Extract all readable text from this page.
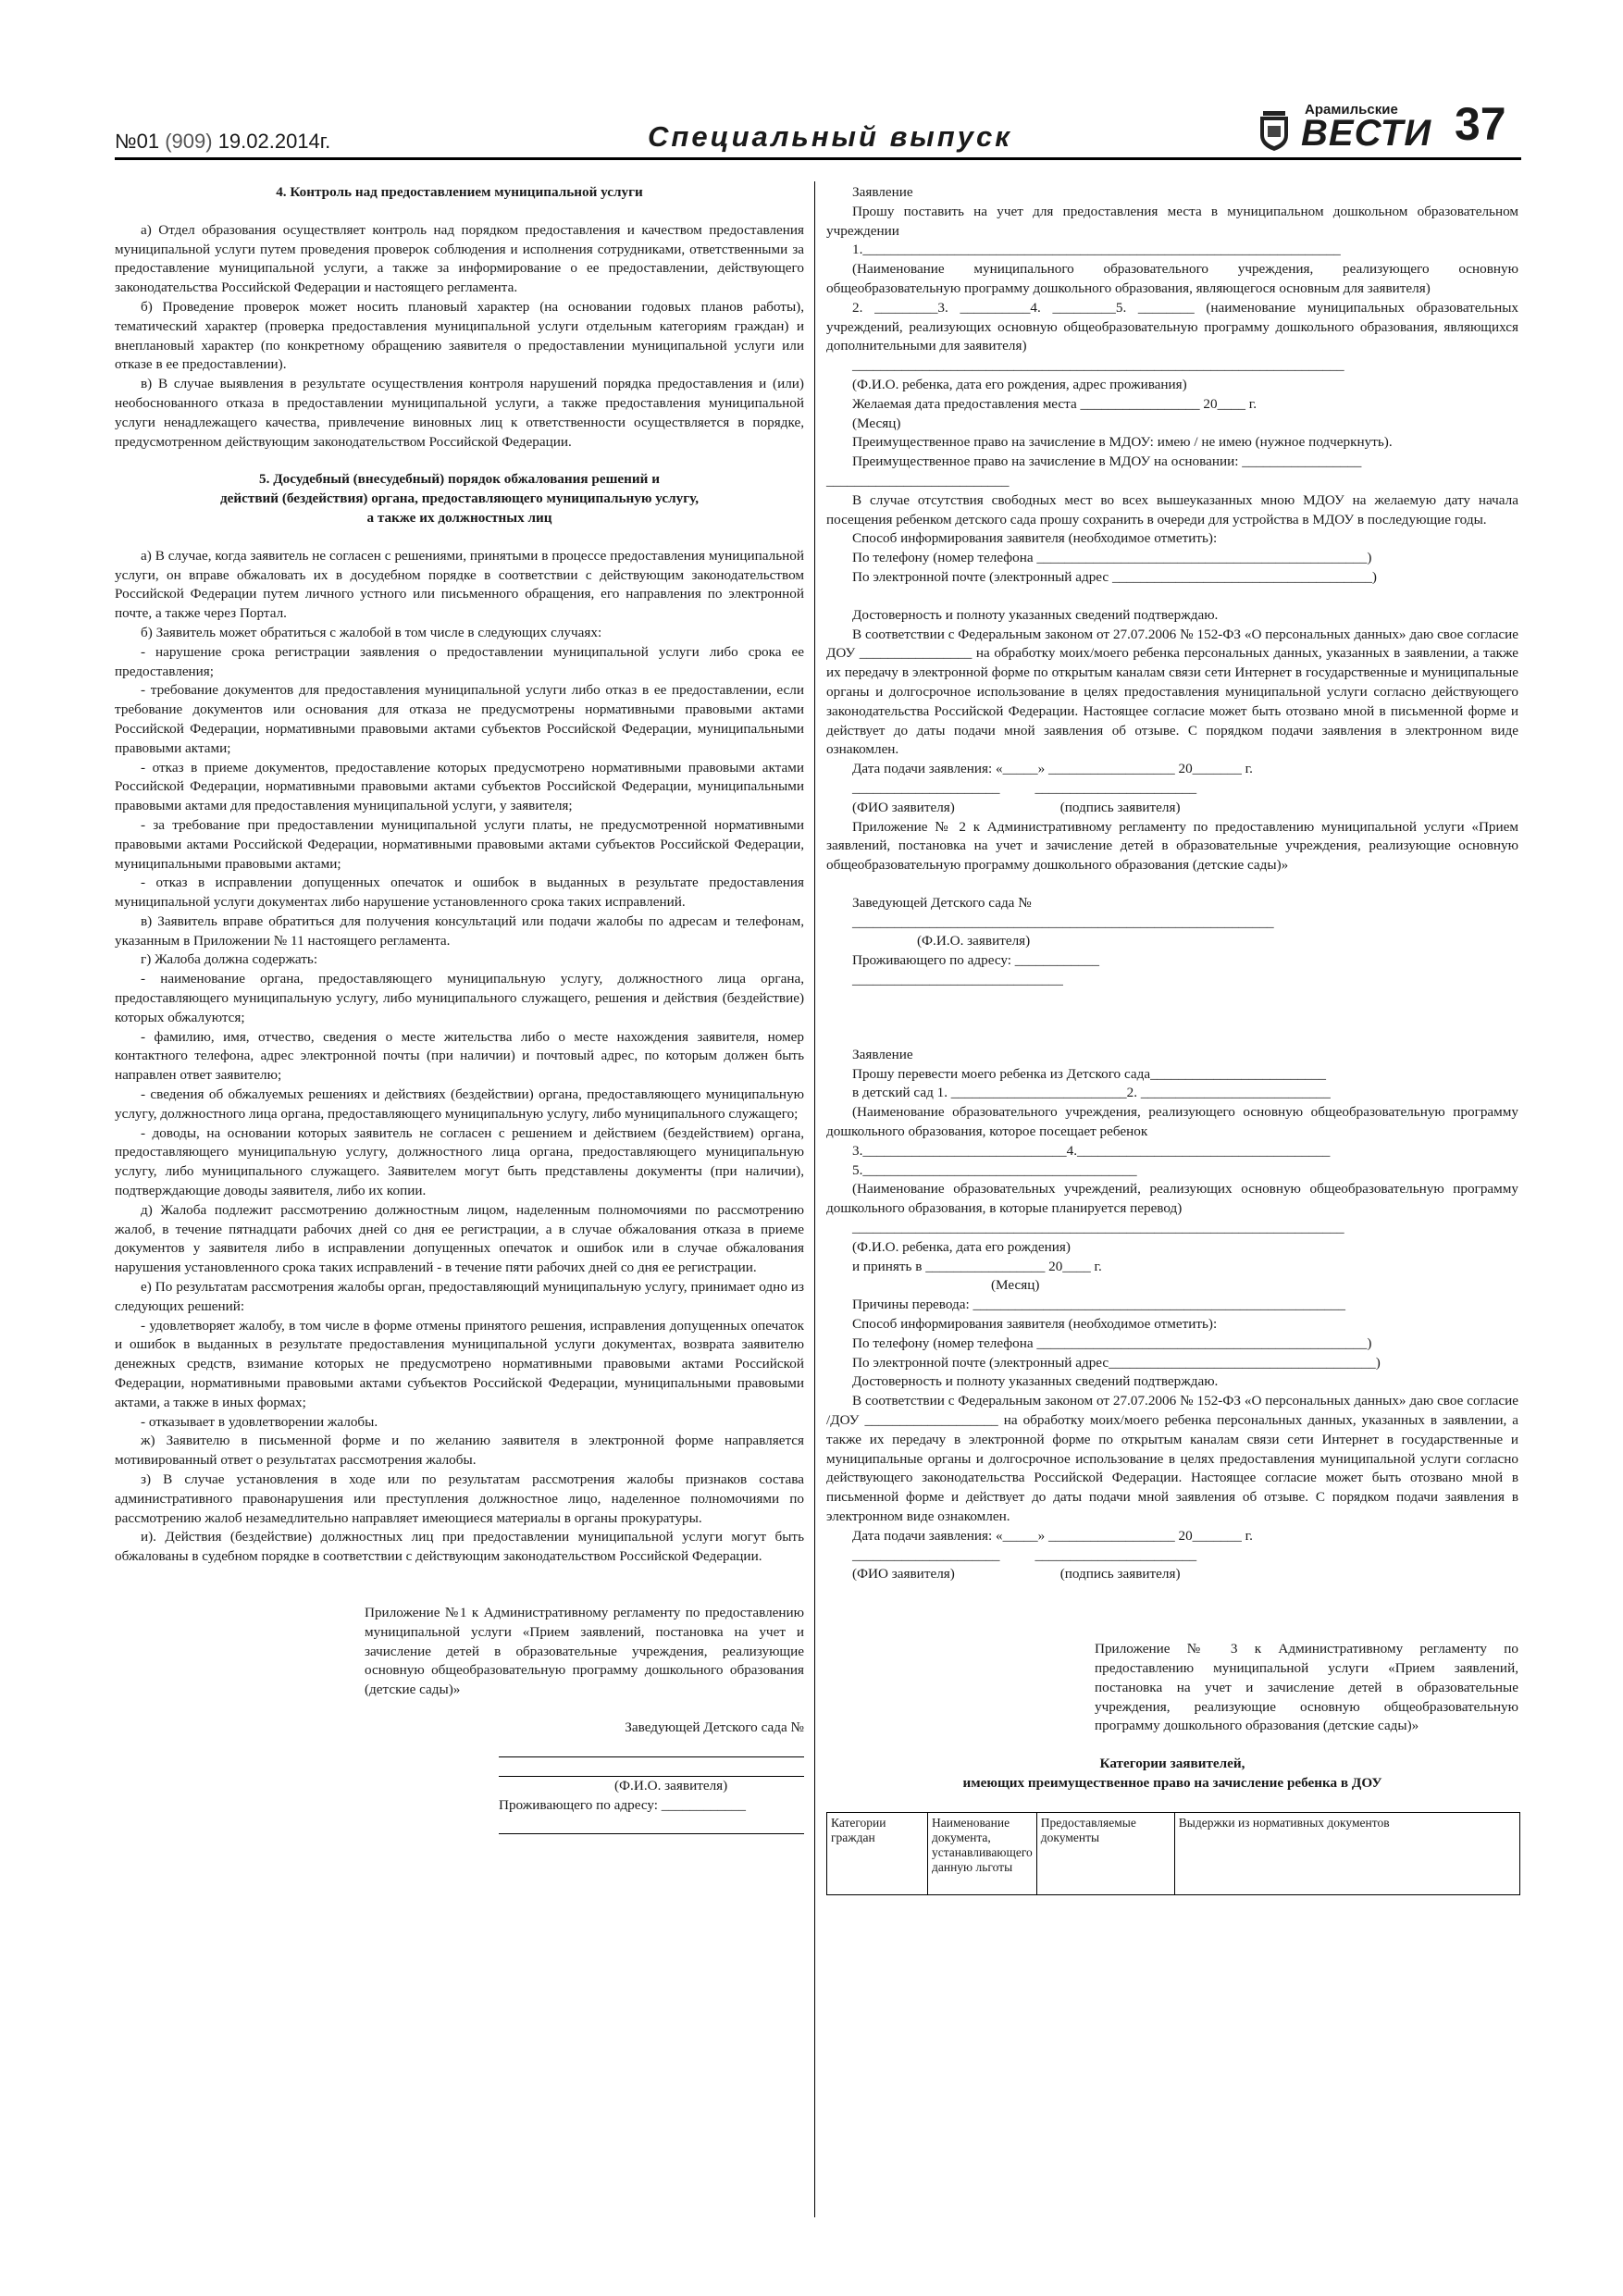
№01 (909) 19.02.2014г.	Специальный выпуск
Арамильские
ВЕСТИ 37

4. Контроль над предоставлением муниципальной услуги

а) Отдел образования осуществляет контроль над порядком предоставления и качеством предоставления муниципальной услуги путем проведения проверок соблюдения и исполнения сотрудниками, ответственными за предоставление муниципальной услуги, а также за информирование о ее предоставлении, действующего законодательства Российской Федерации и настоящего регламента.

б) Проведение проверок может носить плановый характер (на основании годовых планов работы), тематический характер (проверка предоставления муниципальной услуги отдельным категориям граждан) и внеплановый характер (по конкретному обращению заявителя о предоставлении муниципальной услуги или отказе в ее предоставлении).

в) В случае выявления в результате осуществления контроля нарушений порядка предоставления и (или) необоснованного отказа в предоставлении муниципальной услуги, а также предоставления муниципальной услуги ненадлежащего качества, привлечение виновных лиц к ответственности осуществляется в порядке, предусмотренном действующим законодательством Российской Федерации.

5. Досудебный (внесудебный) порядок обжалования решений и

действий (бездействия) органа, предоставляющего муниципальную услугу,

а также их должностных лиц

а) В случае, когда заявитель не согласен с решениями, принятыми в процессе предоставления муниципальной услуги, он вправе обжаловать их в досудебном порядке в соответствии с действующим законодательством Российской Федерации путем личного устного или письменного обращения, его направления по электронной почте, а также через Портал.

б) Заявитель может обратиться с жалобой в том числе в следующих случаях:

- нарушение срока регистрации заявления о предоставлении муниципальной услуги либо срока ее предоставления;

- требование документов для предоставления муниципальной услуги либо отказ в ее предоставлении, если требование документов или основания для отказа не предусмотрены нормативными правовыми актами Российской Федерации, нормативными правовыми актами субъектов Российской Федерации, муниципальными правовыми актами;

- отказ в приеме документов, предоставление которых предусмотрено нормативными правовыми актами Российской Федерации, нормативными правовыми актами субъектов Российской Федерации, муниципальными правовыми актами для предоставления муниципальной услуги, у заявителя;

- за требование при предоставлении муниципальной услуги платы, не предусмотренной нормативными правовыми актами Российской Федерации, нормативными правовыми актами субъектов Российской Федерации, муниципальными правовыми актами;

- отказ в исправлении допущенных опечаток и ошибок в выданных в результате предоставления муниципальной услуги документах либо нарушение установленного срока таких исправлений.

в) Заявитель вправе обратиться для получения консультаций или подачи жалобы по адресам и телефонам, указанным в Приложении № 11 настоящего регламента.

г) Жалоба должна содержать:

- наименование органа, предоставляющего муниципальную услугу, должностного лица органа, предоставляющего муниципальную услугу, либо муниципального служащего, решения и действия (бездействие) которых обжалуются;

- фамилию, имя, отчество, сведения о месте жительства либо о месте нахождения заявителя, номер контактного телефона, адрес электронной почты (при наличии) и почтовый адрес, по которым должен быть направлен ответ заявителю;

- сведения об обжалуемых решениях и действиях (бездействии) органа, предоставляющего муниципальную услугу, должностного лица органа, предоставляющего муниципальную услугу, либо муниципального служащего;

- доводы, на основании которых заявитель не согласен с решением и действием (бездействием) органа, предоставляющего муниципальную услугу, должностного лица органа, предоставляющего муниципальную услугу, либо муниципального служащего. Заявителем могут быть представлены документы (при наличии), подтверждающие доводы заявителя, либо их копии.

д) Жалоба подлежит рассмотрению должностным лицом, наделенным полномочиями по рассмотрению жалоб, в течение пятнадцати рабочих дней со дня ее регистрации, а в случае обжалования отказа в приеме документов у заявителя либо в исправлении допущенных опечаток и ошибок или в случае обжалования нарушения установленного срока таких исправлений - в течение пяти рабочих дней со дня ее регистрации.

е) По результатам рассмотрения жалобы орган, предоставляющий муниципальную услугу, принимает одно из следующих решений:

- удовлетворяет жалобу, в том числе в форме отмены принятого решения, исправления допущенных опечаток и ошибок в выданных в результате предоставления муниципальной услуги документах, возврата заявителю денежных средств, взимание которых не предусмотрено нормативными правовыми актами Российской Федерации, нормативными правовыми актами субъектов Российской Федерации, муниципальными правовыми актами, а также в иных формах;

- отказывает в удовлетворении жалобы.

ж) Заявителю в письменной форме и по желанию заявителя в электронной форме направляется мотивированный ответ о результатах рассмотрения жалобы.

з) В случае установления в ходе или по результатам рассмотрения жалобы признаков состава административного правонарушения или преступления должностное лицо, наделенное полномочиями по рассмотрению жалоб незамедлительно направляет имеющиеся материалы в органы прокуратуры.

и). Действия (бездействие) должностных лиц при предоставлении муниципальной услуги могут быть обжалованы в судебном порядке в соответствии с действующим законодательством Российской Федерации.

Приложение №1 к Административному регламенту по предоставлению муниципальной услуги «Прием заявлений, постановка на учет и зачисление детей в образовательные учреждения, реализующие основную общеобразовательную программу дошкольного образования (детские сады)»

Заведующей Детского сада №

(Ф.И.О. заявителя)

Проживающего по адресу: ____________

Заявление

Прошу поставить на учет для предоставления места в муниципальном дошкольном образовательном учреждении

1.____________________________________________________________________

(Наименование муниципального образовательного учреждения, реализующего основную общеобразовательную программу дошкольного образования, являющегося основным для заявителя)

2. _________3. __________4. _________5. ________ (наименование муниципальных образовательных учреждений, реализующих основную общеобразовательную программу дошкольного образования, являющихся дополнительными для заявителя)

______________________________________________________________________

(Ф.И.О. ребенка, дата его рождения, адрес проживания)

Желаемая дата предоставления места _________________ 20____ г.

(Месяц)

Преимущественное право на зачисление в МДОУ: имею / не имею (нужное подчеркнуть).

Преимущественное право на зачисление в МДОУ на основании: _________________

__________________________

В случае отсутствия свободных мест во всех вышеуказанных мною МДОУ на желаемую дату начала посещения ребенком детского сада прошу сохранить в очереди для устройства в МДОУ в последующие годы.

Способ информирования заявителя (необходимое отметить):

По телефону (номер телефона _______________________________________________)

По электронной почте (электронный адрес _____________________________________)

Достоверность и полноту указанных сведений подтверждаю.

В соответствии с Федеральным законом от 27.07.2006 № 152-ФЗ «О персональных данных» даю свое согласие ДОУ ________________ на обработку моих/моего ребенка персональных данных, указанных в заявлении, а также их передачу в электронной форме по открытым каналам связи сети Интернет в государственные и муниципальные органы и долгосрочное использование в целях предоставления муниципальной услуги согласно действующего законодательства Российской Федерации. Настоящее согласие может быть отозвано мной в письменной форме и действует до даты подачи мной заявления об отзыве. С порядком подачи заявления в электронном виде ознакомлен.

Дата подачи заявления: «_____» __________________ 20_______ г.

_____________________          _______________________

(ФИО заявителя)                              (подпись заявителя)

Приложение № 2 к Административному регламенту по предоставлению муниципальной услуги «Прием заявлений, постановка на учет и зачисление детей в образовательные учреждения, реализующие основную общеобразовательную программу дошкольного образования (детские сады)»

Заведующей Детского сада №

____________________________________________________________

(Ф.И.О. заявителя)

Проживающего по адресу: ____________

______________________________

Заявление

Прошу перевести моего ребенка из Детского сада_________________________

в детский сад 1. _________________________2. ___________________________

(Наименование образовательного учреждения, реализующего основную общеобразовательную программу дошкольного образования, которое посещает ребенок

3._____________________________4.____________________________________

5._______________________________________

(Наименование образовательных учреждений, реализующих основную общеобразовательную программу дошкольного образования, в которые планируется перевод)

______________________________________________________________________

(Ф.И.О. ребенка, дата его рождения)

и принять в _________________ 20____ г.

(Месяц)

Причины перевода: _____________________________________________________

Способ информирования заявителя (необходимое отметить):

По телефону (номер телефона _______________________________________________)

По электронной почте (электронный адрес______________________________________)

Достоверность и полноту указанных сведений подтверждаю.

В соответствии с Федеральным законом от 27.07.2006 № 152-ФЗ «О персональных данных» даю свое согласие /ДОУ ___________________ на обработку моих/моего ребенка персональных данных, указанных в заявлении, а также их передачу в электронной форме по открытым каналам связи сети Интернет в государственные и муниципальные органы и долгосрочное использование в целях предоставления муниципальной услуги согласно действующего законодательства Российской Федерации. Настоящее согласие может быть отозвано мной в письменной форме и действует до даты подачи мной заявления об отзыве. С порядком подачи заявления в электронном виде ознакомлен.

Дата подачи заявления: «_____» __________________ 20_______ г.

_____________________          _______________________

(ФИО заявителя)                              (подпись заявителя)

Приложение № 3 к Административному регламенту по предоставлению муниципальной услуги «Прием заявлений, постановка на учет и зачисление детей в образовательные учреждения, реализующие основную общеобразовательную программу дошкольного образования (детские сады)»

Категории заявителей,

имеющих преимущественное право на зачисление ребенка в ДОУ

Категории граждан	Наименование документа, устанавливающего данную льготы	Предоставляемые документы	Выдержки из нормативных документов
